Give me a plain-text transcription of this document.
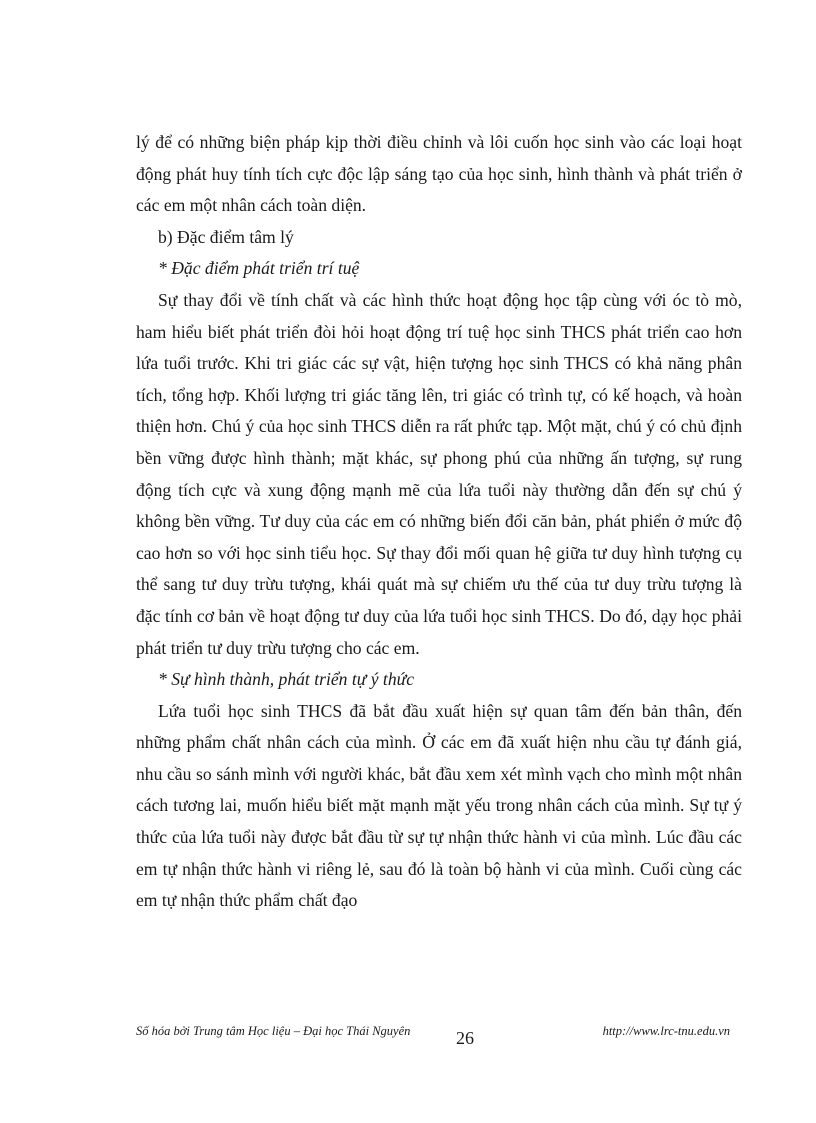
lý để có những biện pháp kịp thời điều chỉnh và lôi cuốn học sinh vào các loại hoạt động phát huy tính tích cực độc lập sáng tạo của học sinh, hình thành và phát triển ở các em một nhân cách toàn diện.

b) Đặc điểm tâm lý

* Đặc điểm phát triển trí tuệ

Sự thay đổi về tính chất và các hình thức hoạt động học tập cùng với óc tò mò, ham hiểu biết phát triển đòi hỏi hoạt động trí tuệ học sinh THCS phát triển cao hơn lứa tuổi trước. Khi tri giác các sự vật, hiện tượng học sinh THCS có khả năng phân tích, tổng hợp. Khối lượng tri giác tăng lên, tri giác có trình tự, có kế hoạch, và hoàn thiện hơn. Chú ý của học sinh THCS diễn ra rất phức tạp. Một mặt, chú ý có chủ định bền vững được hình thành; mặt khác, sự phong phú của những ấn tượng, sự rung động tích cực và xung động mạnh mẽ của lứa tuổi này thường dẫn đến sự chú ý không bền vững. Tư duy của các em có những biến đổi căn bản, phát phiển ở mức độ cao hơn so với học sinh tiểu học. Sự thay đổi mối quan hệ giữa tư duy hình tượng cụ thể sang tư duy trừu tượng, khái quát mà sự chiếm ưu thế của tư duy trừu tượng là đặc tính cơ bản về hoạt động tư duy của lứa tuổi học sinh THCS. Do đó, dạy học phải phát triển tư duy trừu tượng cho các em.

* Sự hình thành, phát triển tự ý thức

Lứa tuổi học sinh THCS đã bắt đầu xuất hiện sự quan tâm đến bản thân, đến những phẩm chất nhân cách của mình. Ở các em đã xuất hiện nhu cầu tự đánh giá, nhu cầu so sánh mình với người khác, bắt đầu xem xét mình vạch cho mình một nhân cách tương lai, muốn hiểu biết mặt mạnh mặt yếu trong nhân cách của mình. Sự tự ý thức của lứa tuổi này được bắt đầu từ sự tự nhận thức hành vi của mình. Lúc đầu các em tự nhận thức hành vi riêng lẻ, sau đó là toàn bộ hành vi của mình. Cuối cùng các em tự nhận thức phẩm chất đạo

Số hóa bởi Trung tâm Học liệu – Đại học Thái Nguyên	26	http://www.lrc-tnu.edu.vn
